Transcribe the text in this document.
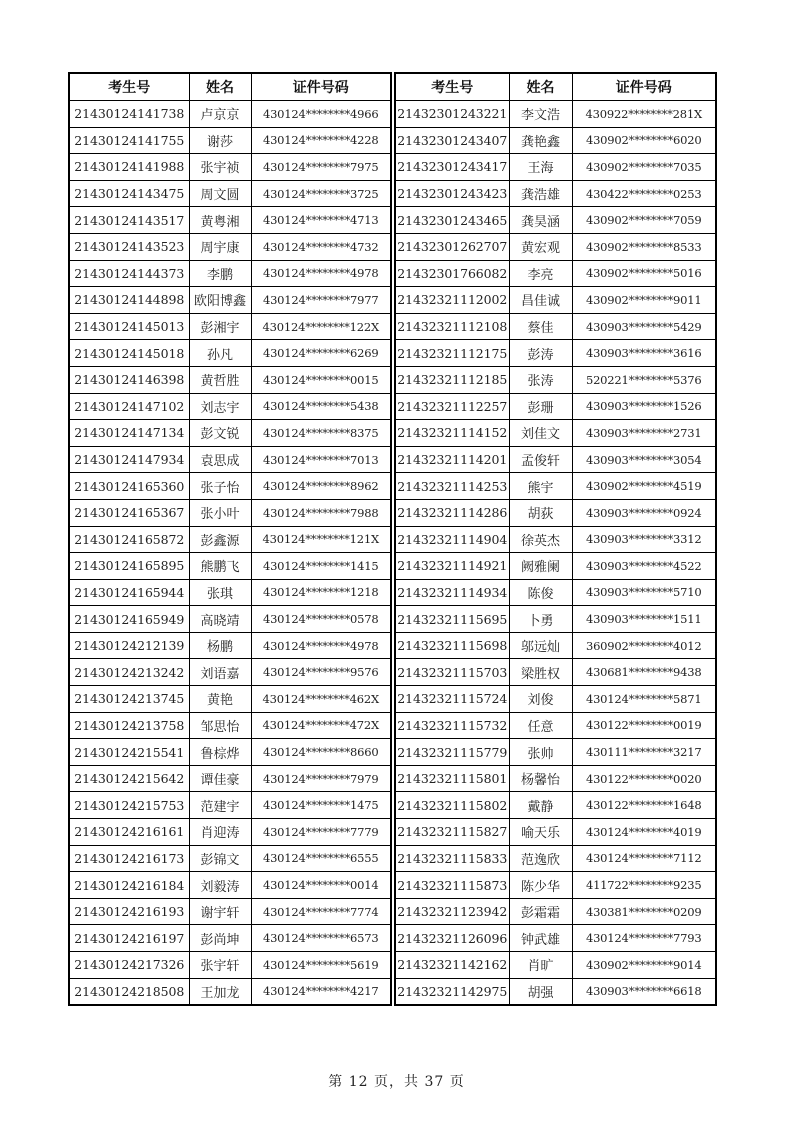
考生号	姓名	证件号码
21430124141738	卢京京	430124********4966
21430124141755	谢莎	430124********4228
21430124141988	张宇祯	430124********7975
21430124143475	周文圆	430124********3725
21430124143517	黄粤湘	430124********4713
21430124143523	周宇康	430124********4732
21430124144373	李鹏	430124********4978
21430124144898	欧阳博鑫	430124********7977
21430124145013	彭湘宇	430124********122X
21430124145018	孙凡	430124********6269
21430124146398	黄哲胜	430124********0015
21430124147102	刘志宇	430124********5438
21430124147134	彭文锐	430124********8375
21430124147934	袁思成	430124********7013
21430124165360	张子怡	430124********8962
21430124165367	张小叶	430124********7988
21430124165872	彭鑫源	430124********121X
21430124165895	熊鹏飞	430124********1415
21430124165944	张琪	430124********1218
21430124165949	高晓靖	430124********0578
21430124212139	杨鹏	430124********4978
21430124213242	刘语嘉	430124********9576
21430124213745	黄艳	430124********462X
21430124213758	邹思怡	430124********472X
21430124215541	鲁棕烨	430124********8660
21430124215642	谭佳豪	430124********7979
21430124215753	范建宇	430124********1475
21430124216161	肖迎涛	430124********7779
21430124216173	彭锦文	430124********6555
21430124216184	刘毅涛	430124********0014
21430124216193	谢宇轩	430124********7774
21430124216197	彭尚坤	430124********6573
21430124217326	张宇轩	430124********5619
21430124218508	王加龙	430124********4217
考生号	姓名	证件号码
21432301243221	李文浩	430922********281X
21432301243407	龚艳鑫	430902********6020
21432301243417	王海	430902********7035
21432301243423	龚浩雄	430422********0253
21432301243465	龚昊涵	430902********7059
21432301262707	黄宏观	430902********8533
21432301766082	李亮	430902********5016
21432321112002	昌佳诚	430902********9011
21432321112108	蔡佳	430903********5429
21432321112175	彭涛	430903********3616
21432321112185	张涛	520221********5376
21432321112257	彭珊	430903********1526
21432321114152	刘佳文	430903********2731
21432321114201	孟俊轩	430903********3054
21432321114253	熊宇	430902********4519
21432321114286	胡荻	430903********0924
21432321114904	徐英杰	430903********3312
21432321114921	阙雅阑	430903********4522
21432321114934	陈俊	430903********5710
21432321115695	卜勇	430903********1511
21432321115698	邬远灿	360902********4012
21432321115703	梁胜权	430681********9438
21432321115724	刘俊	430124********5871
21432321115732	任意	430122********0019
21432321115779	张帅	430111********3217
21432321115801	杨馨怡	430122********0020
21432321115802	戴静	430122********1648
21432321115827	喻天乐	430124********4019
21432321115833	范逸欣	430124********7112
21432321115873	陈少华	411722********9235
21432321123942	彭霜霜	430381********0209
21432321126096	钟武雄	430124********7793
21432321142162	肖旷	430902********9014
21432321142975	胡强	430903********6618
第 12 页，共 37 页
